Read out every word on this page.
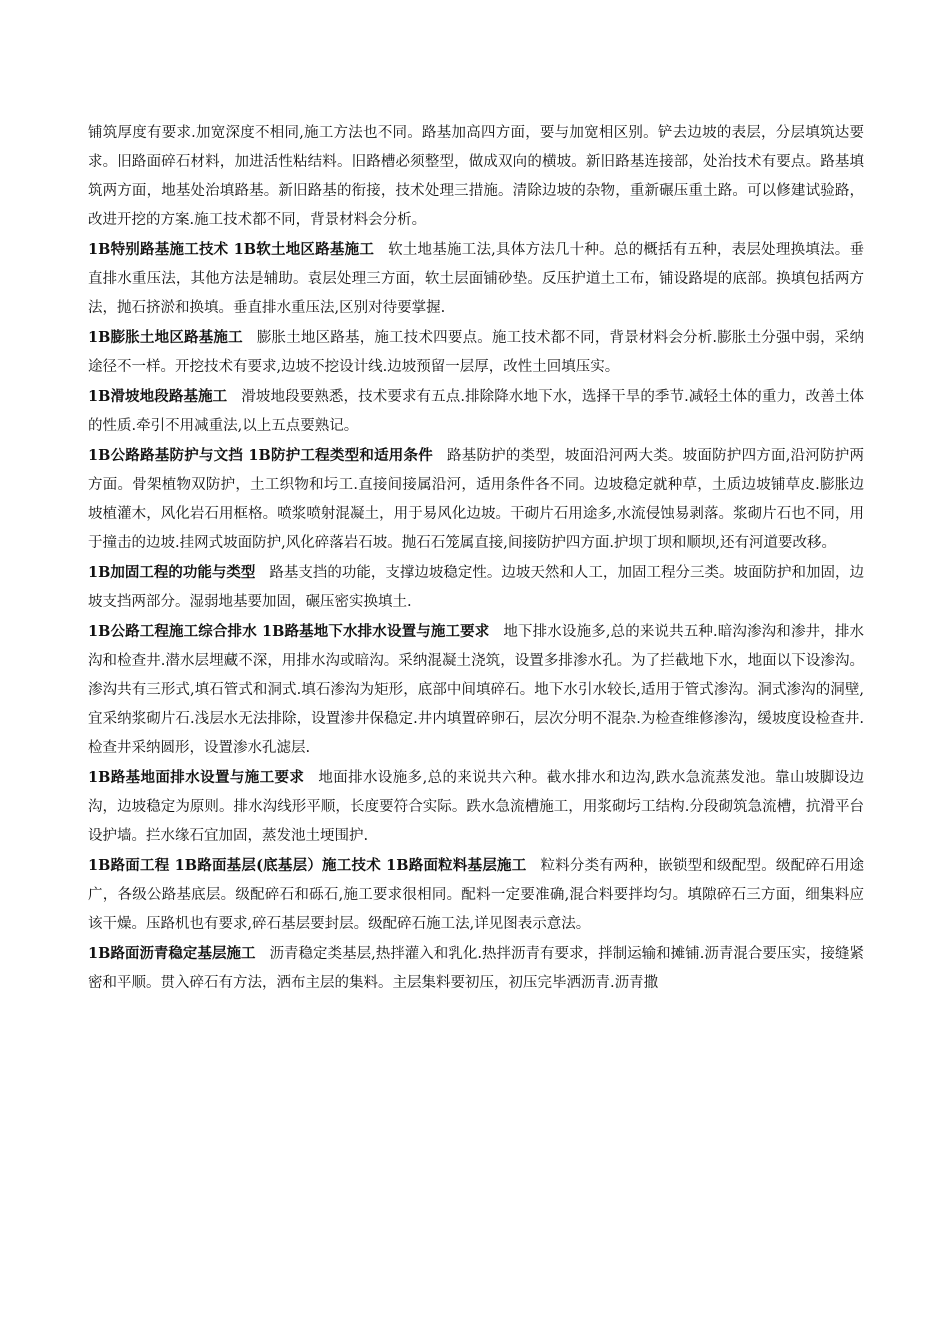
铺筑厚度有要求.加宽深度不相同,施工方法也不同。路基加高四方面，要与加宽相区别。铲去边坡的表层，分层填筑达要求。旧路面碎石材料，加进活性粘结料。旧路槽必须整型，做成双向的横坡。新旧路基连接部，处治技术有要点。路基填筑两方面，地基处治填路基。新旧路基的衔接，技术处理三措施。清除边坡的杂物，重新碾压重土路。可以修建试验路，改进开挖的方案.施工技术都不同，背景材料会分析。

1B特别路基施工技术 1B软土地区路基施工 软土地基施工法,具体方法几十种。总的概括有五种，表层处理换填法。垂直排水重压法，其他方法是辅助。袁层处理三方面，软土层面铺砂垫。反压护道土工布，铺设路堤的底部。换填包括两方法，抛石挤淤和换填。垂直排水重压法,区别对待要掌握.

1B膨胀土地区路基施工 膨胀土地区路基，施工技术四要点。施工技术都不同，背景材料会分析.膨胀土分强中弱，采纳途径不一样。开挖技术有要求,边坡不挖设计线.边坡预留一层厚，改性土回填压实。

1B滑坡地段路基施工 滑坡地段要熟悉，技术要求有五点.排除降水地下水，选择干旱的季节.减轻土体的重力，改善土体的性质.牵引不用减重法,以上五点要熟记。

1B公路路基防护与文挡 1B防护工程类型和适用条件 路基防护的类型，坡面沿河两大类。坡面防护四方面,沿河防护两方面。骨架植物双防护，土工织物和圬工.直接间接属沿河，适用条件各不同。边坡稳定就种草，土质边坡铺草皮.膨胀边坡植灌木，风化岩石用框格。喷浆喷射混凝土，用于易风化边坡。干砌片石用途多,水流侵蚀易剥落。浆砌片石也不同，用于撞击的边坡.挂网式坡面防护,风化碎落岩石坡。抛石石笼属直接,间接防护四方面.护坝丁坝和顺坝,还有河道要改移。

1B加固工程的功能与类型 路基支挡的功能，支撑边坡稳定性。边坡天然和人工，加固工程分三类。坡面防护和加固，边坡支挡两部分。湿弱地基要加固，碾压密实换填土.

1B公路工程施工综合排水 1B路基地下水排水设置与施工要求 地下排水设施多,总的来说共五种.暗沟渗沟和渗井，排水沟和检查井.潜水层埋藏不深，用排水沟或暗沟。采纳混凝土浇筑，设置多排渗水孔。为了拦截地下水，地面以下设渗沟。渗沟共有三形式,填石管式和洞式.填石渗沟为矩形，底部中间填碎石。地下水引水较长,适用于管式渗沟。洞式渗沟的洞壁,宜采纳浆砌片石.浅层水无法排除，设置渗井保稳定.井内填置碎卵石，层次分明不混杂.为检查维修渗沟，缓坡度设检查井.检查井采纳圆形，设置渗水孔滤层.

1B路基地面排水设置与施工要求 地面排水设施多,总的来说共六种。截水排水和边沟,跌水急流蒸发池。靠山坡脚设边沟，边坡稳定为原则。排水沟线形平顺，长度要符合实际。跌水急流槽施工，用浆砌圬工结构.分段砌筑急流槽，抗滑平台设护墙。拦水缘石宜加固，蒸发池土埂围护.

1B路面工程 1B路面基层(底基层）施工技术 1B路面粒料基层施工 粒料分类有两种，嵌锁型和级配型。级配碎石用途广，各级公路基底层。级配碎石和砾石,施工要求很相同。配料一定要准确,混合料要拌均匀。填隙碎石三方面，细集料应该干燥。压路机也有要求,碎石基层要封层。级配碎石施工法,详见图表示意法。

1B路面沥青稳定基层施工 沥青稳定类基层,热拌灌入和乳化.热拌沥青有要求，拌制运输和摊铺.沥青混合要压实，接缝紧密和平顺。贯入碎石有方法，洒布主层的集料。主层集料要初压，初压完毕洒沥青.沥青撒
